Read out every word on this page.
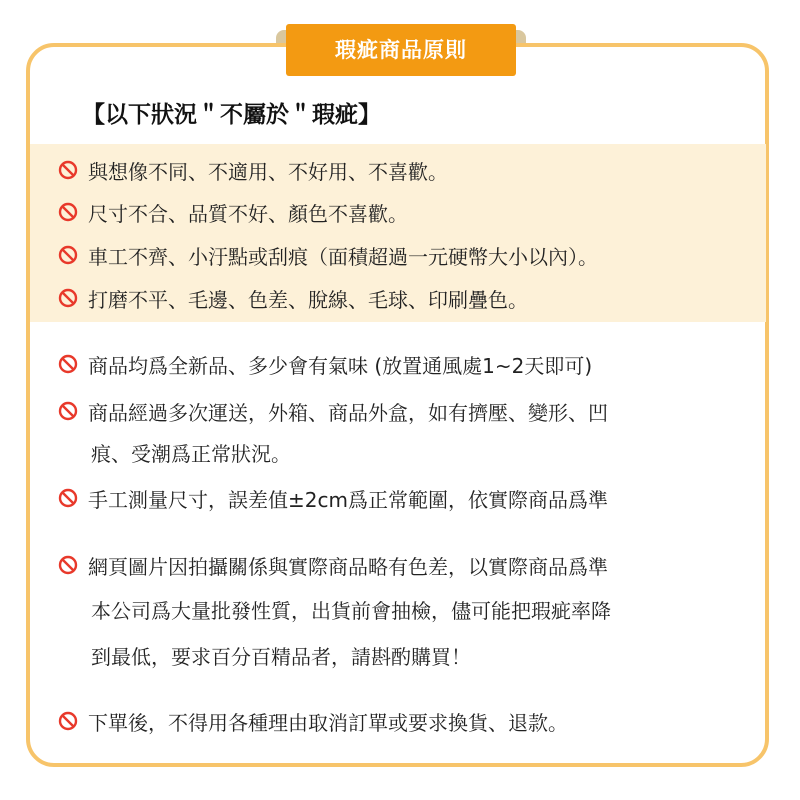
瑕疵商品原則
【以下狀況＂不屬於＂瑕疵】
與想像不同、不適用、不好用、不喜歡。
尺寸不合、品質不好、顏色不喜歡。
車工不齊、小汙點或刮痕（面積超過一元硬幣大小以內）。
打磨不平、毛邊、色差、脫線、毛球、印刷疊色。
商品均爲全新品、多少會有氣味 (放置通風處1~2天即可)
商品經過多次運送，外箱、商品外盒，如有擠壓、變形、凹
痕、受潮爲正常狀況。
手工測量尺寸，誤差值±2cm爲正常範圍，依實際商品爲準
網頁圖片因拍攝關係與實際商品略有色差，以實際商品爲準
本公司爲大量批發性質，出貨前會抽檢，儘可能把瑕疵率降
到最低，要求百分百精品者，請斟酌購買！
下單後，不得用各種理由取消訂單或要求換貨、退款。
